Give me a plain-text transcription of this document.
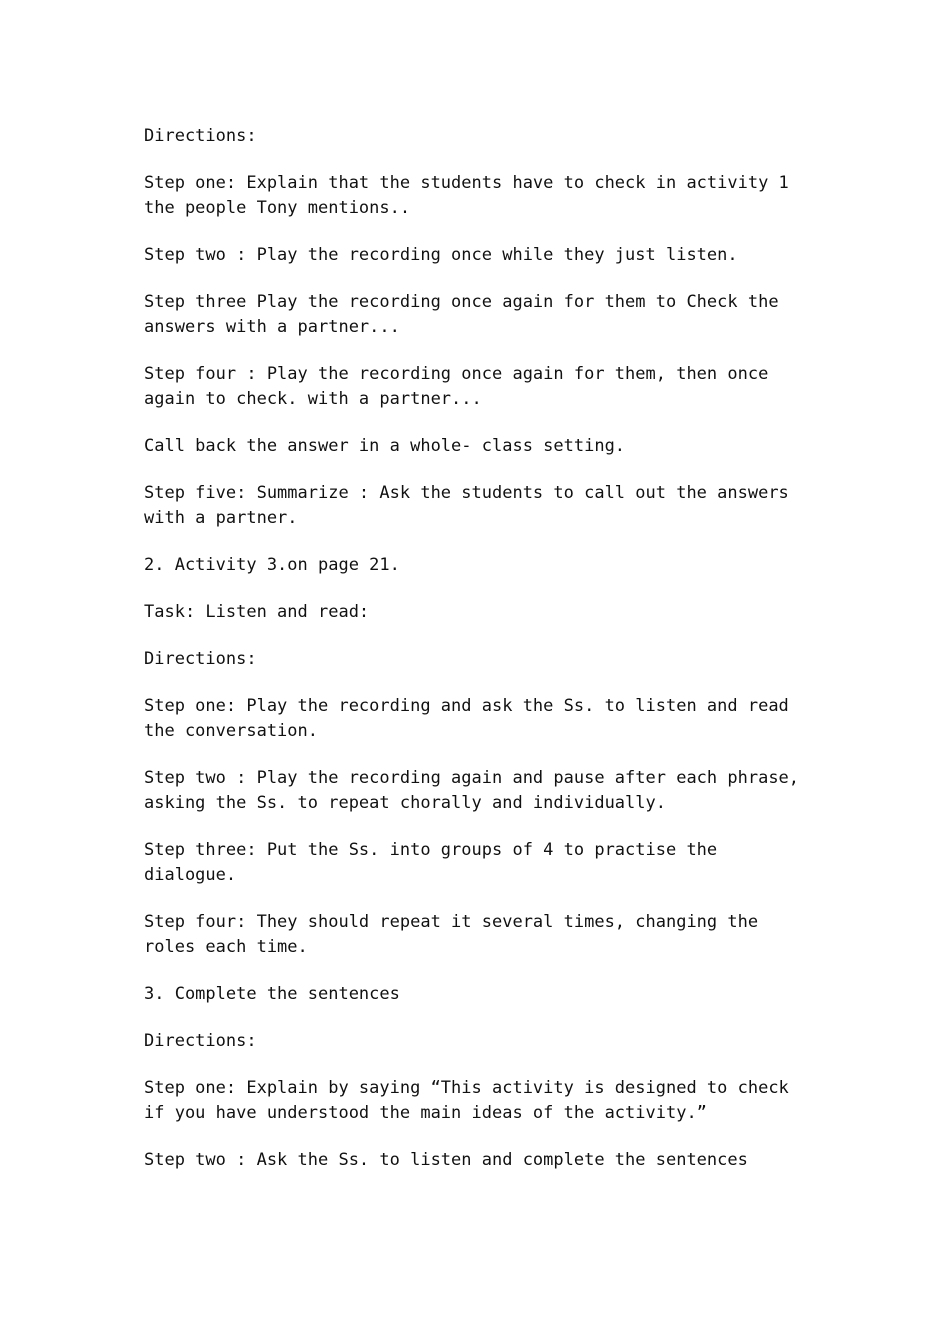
Directions:

Step one: Explain that the students have to check in activity 1 the people Tony mentions..

Step two : Play the recording once while they just listen.

Step three Play the recording once again for them to Check the answers with a partner...

Step four : Play the recording once again for them, then once again to check. with a partner...

Call back the answer in a whole- class setting.

Step five: Summarize : Ask the students to call out the answers with a partner.

2. Activity 3.on page 21.

Task: Listen and read:

Directions:

Step one: Play the recording and ask the Ss. to listen and read the conversation.

Step two : Play the recording again and pause after each phrase, asking the Ss. to repeat chorally and individually.

Step three: Put the Ss. into groups of 4 to practise the dialogue.

Step four: They should repeat it several times, changing the roles each time.

3. Complete the sentences

Directions:

Step one: Explain by saying “This activity is designed to check if you have understood the main ideas of the activity.”

Step two : Ask the Ss. to listen and complete the sentences
